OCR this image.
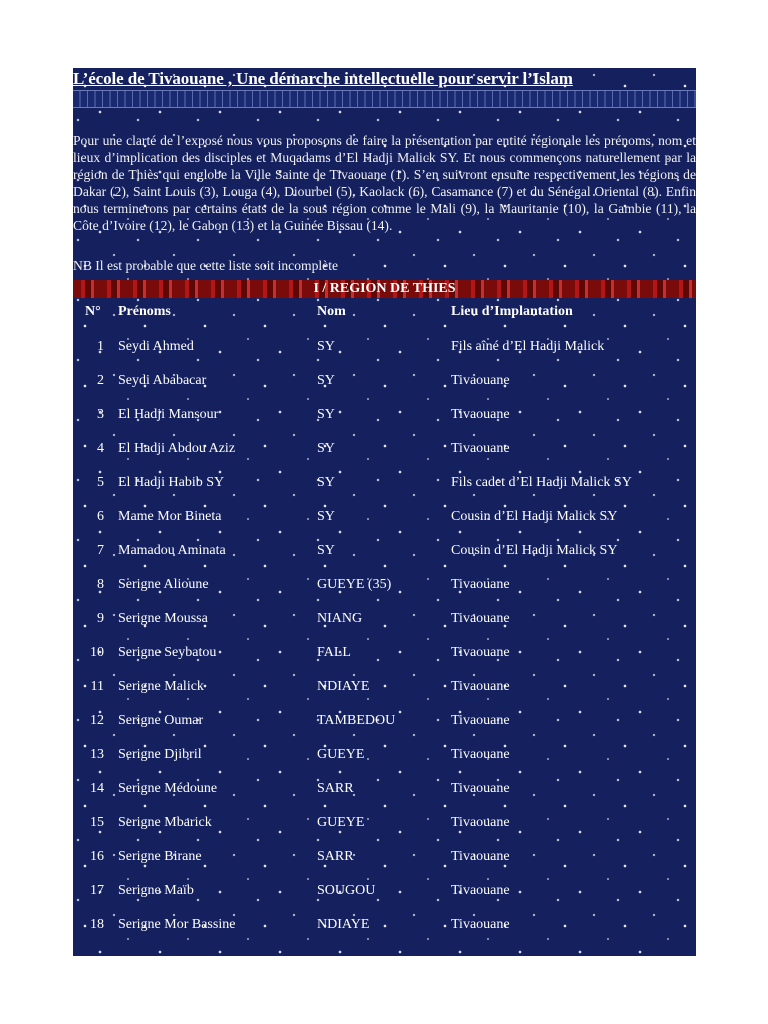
L’école de Tivaouane , Une démarche intellectuelle pour servir l’Islam

Pour une clarté de l’exposé nous vous proposons de faire la présentation par entité régionale les prénoms, nom et lieux d’implication des disciples et Muqadams d’El Hadji Malick SY. Et nous commençons naturellement par la région de Thiès qui englobe la Ville Sainte de Tivaouane (1). S’en suivront ensuite respectivement les régions de Dakar (2), Saint Louis (3), Louga (4), Diourbel (5), Kaolack (6), Casamance (7) et du Sénégal Oriental (8). Enfin nous terminerons par certains états de la sous région comme le Mali (9), la Mauritanie (10), la Gambie (11), la Côte d’Ivoire (12), le Gabon (13) et la Guinée Bissau (14).

NB Il est probable que cette liste soit incomplète

I / REGION DE THIES
N° Prénoms	Nom	Lieu d’Implantation
1 Seydi Ahmed	SY	Fils aîné d’El Hadji Malick
2 Seydi Ababacar	SY	Tivaouane
3 El Hadji Mansour	SY	Tivaouane
4 El Hadji Abdou Aziz	SY	Tivaouane
5 El Hadji Habib SY	SY	Fils cadet d’El Hadji Malick SY
6 Mame Mor Bineta	SY	Cousin d’El Hadji Malick SY
7 Mamadou Aminata	SY	Cousin d’El Hadji Malick SY
8 Serigne Alioune	GUEYE (35)	Tivaouane
9 Serigne Moussa	NIANG	Tivaouane
10 Serigne Seybatou	FALL	Tivaouane
11 Serigne Malick	NDIAYE	Tivaouane
12 Serigne Oumar	TAMBEDOU	Tivaouane
13 Serigne Djibril	GUEYE	Tivaouane
14 Serigne Médoune	SARR	Tivaouane
15 Serigne Mbarick	GUEYE	Tivaouane
16 Serigne Birane	SARR	Tivaouane
17 Serigne Maïb	SOUGOU	Tivaouane
18 Serigne Mor Bassine	NDIAYE	Tivaouane
